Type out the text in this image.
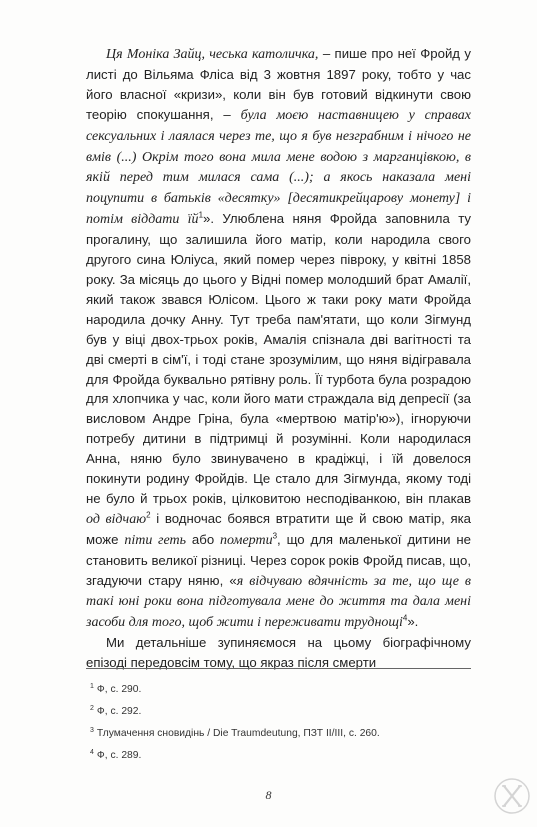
Ця Моніка Зайц, чеська католичка, – пише про неї Фройд у листі до Вільяма Фліса від 3 жовтня 1897 року, тобто у час його власної «кризи», коли він був готовий відкинути свою теорію спокушання, – була моєю наставницею у справах сексуальних і лаялася через те, що я був незграбним і нічого не вмів (...) Окрім того вона мила мене водою з марганцівкою, в якій перед тим милася сама (...); а якось наказала мені поцупити в батьків «десятку» [десятикрейцарову монету] і потім віддати $їй^1$». Улюблена няня Фройда заповнила ту прогалину, що залишила його матір, коли народила свого другого сина Юліуса, який помер через півроку, у квітні 1858 року. За місяць до цього у Відні помер молодший брат Амалії, який також звався Юлісом. Цього ж таки року мати Фройда народила дочку Анну. Тут треба пам'ятати, що коли Зігмунд був у віці двох-трьох років, Амалія спізнала дві вагітності та дві смерті в сім'ї, і тоді стане зрозумілим, що няня відігравала для Фройда буквально рятівну роль. Її турбота була розрадою для хлопчика у час, коли його мати страждала від депресії (за висловом Андре Гріна, була «мертвою матір'ю»), ігноруючи потребу дитини в підтримці й розумінні. Коли народилася Анна, няню було звинувачено в крадіжці, і їй довелося покинути родину Фройдів. Це стало для Зігмунда, якому тоді не було й трьох років, цілковитою несподіванкою, він плакав од відчаю$^2$ і водночас боявся втратити ще й свою матір, яка може піти геть або померти$^3$, що для маленької дитини не становить великої різниці. Через сорок років Фройд писав, що, згадуючи стару няню, «я відчуваю вдячність за те, що ще в такі юні роки вона підготувала мене до життя та дала мені засоби для того, щоб жити і переживати труднощі$^4$».

Ми детальніше зупиняємося на цьому біографічному епізоді передовсім тому, що якраз після смерти

$^1$ Ф, с. 290.
$^2$ Ф, с. 292.
$^3$ Тлумачення сновидінь / Die Traumdeutung, ПЗТ II/III, с. 260.
$^4$ Ф, с. 289.
8
